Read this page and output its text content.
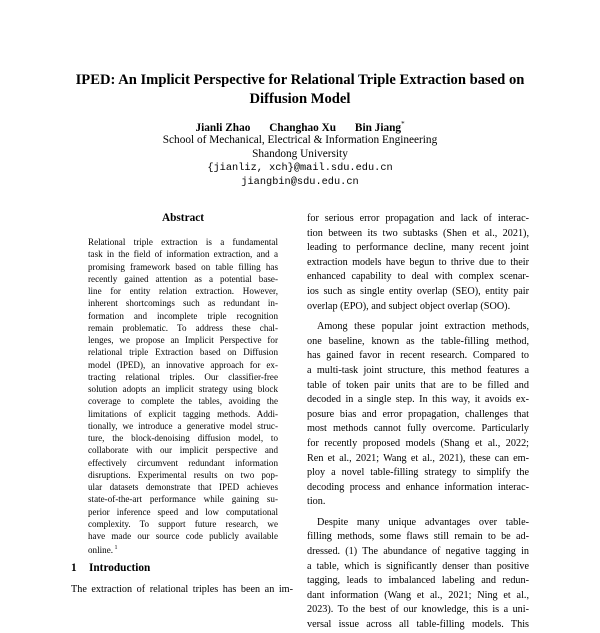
IPED: An Implicit Perspective for Relational Triple Extraction based on
Diffusion Model
Jianli Zhao Changhao Xu Bin Jiang*
School of Mechanical, Electrical & Information Engineering
Shandong University
{jianliz, xch}@mail.sdu.edu.cn
jiangbin@sdu.edu.cn
Abstract
Relational triple extraction is a fundamental
task in the field of information extraction, and a
promising framework based on table filling has
recently gained attention as a potential base-
line for entity relation extraction. However,
inherent shortcomings such as redundant in-
formation and incomplete triple recognition
remain problematic. To address these chal-
lenges, we propose an Implicit Perspective for
relational triple Extraction based on Diffusion
model (IPED), an innovative approach for ex-
tracting relational triples. Our classifier-free
solution adopts an implicit strategy using block
coverage to complete the tables, avoiding the
limitations of explicit tagging methods. Addi-
tionally, we introduce a generative model struc-
ture, the block-denoising diffusion model, to
collaborate with our implicit perspective and
effectively circumvent redundant information
disruptions. Experimental results on two pop-
ular datasets demonstrate that IPED achieves
state-of-the-art performance while gaining su-
perior inference speed and low computational
complexity. To support future research, we
have made our source code publicly available
online. $^1$
1 Introduction
The extraction of relational triples has been an im-
for serious error propagation and lack of interac-
tion between its two subtasks (Shen et al., 2021),
leading to performance decline, many recent joint
extraction models have begun to thrive due to their
enhanced capability to deal with complex scenar-
ios such as single entity overlap (SEO), entity pair
overlap (EPO), and subject object overlap (SOO).
Among these popular joint extraction methods,
one baseline, known as the table-filling method,
has gained favor in recent research. Compared to
a multi-task joint structure, this method features a
table of token pair units that are to be filled and
decoded in a single step. In this way, it avoids ex-
posure bias and error propagation, challenges that
most methods cannot fully overcome. Particularly
for recently proposed models (Shang et al., 2022;
Ren et al., 2021; Wang et al., 2021), these can em-
ploy a novel table-filling strategy to simplify the
decoding process and enhance information interac-
tion.
Despite many unique advantages over table-
filling methods, some flaws still remain to be ad-
dressed. (1) The abundance of negative tagging in
a table, which is significantly denser than positive
tagging, leads to imbalanced labeling and redun-
dant information (Wang et al., 2021; Ning et al.,
2023). To the best of our knowledge, this is a uni-
versal issue across all table-filling models. This
